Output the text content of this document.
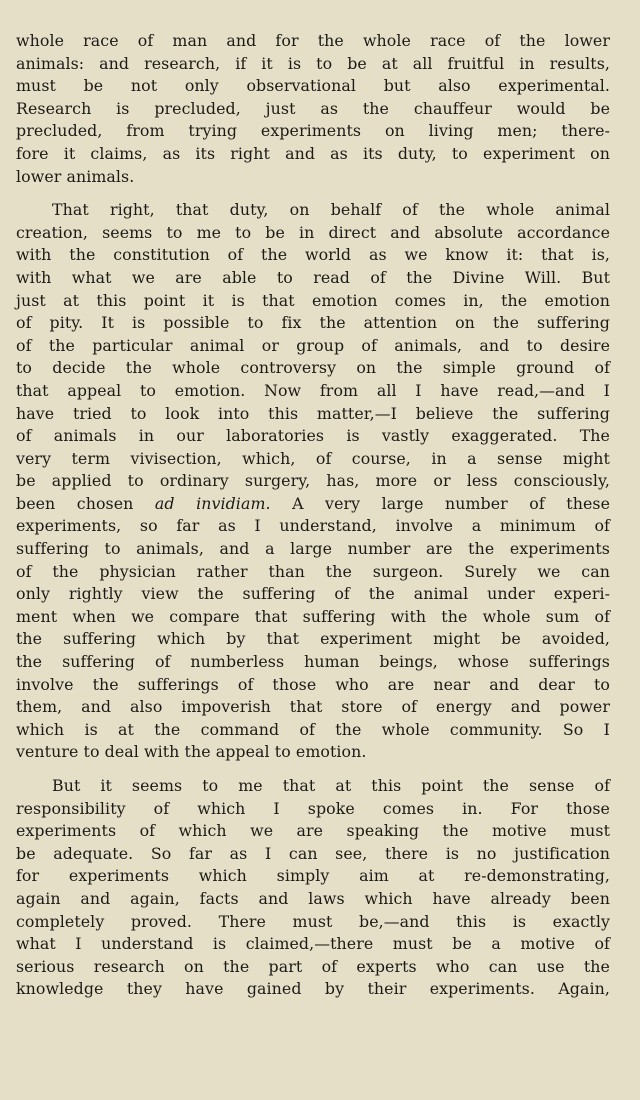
whole race of man and for the whole race of the lower
animals: and research, if it is to be at all fruitful in results,
must be not only observational but also experimental.
Research is precluded, just as the chauffeur would be
precluded, from trying experiments on living men; there-
fore it claims, as its right and as its duty, to experiment on
lower animals.
That right, that duty, on behalf of the whole animal
creation, seems to me to be in direct and absolute accordance
with the constitution of the world as we know it: that is,
with what we are able to read of the Divine Will. But
just at this point it is that emotion comes in, the emotion
of pity. It is possible to fix the attention on the suffering
of the particular animal or group of animals, and to desire
to decide the whole controversy on the simple ground of
that appeal to emotion. Now from all I have read,—and I
have tried to look into this matter,—I believe the suffering
of animals in our laboratories is vastly exaggerated. The
very term vivisection, which, of course, in a sense might
be applied to ordinary surgery, has, more or less consciously,
been chosen ad invidiam. A very large number of these
experiments, so far as I understand, involve a minimum of
suffering to animals, and a large number are the experiments
of the physician rather than the surgeon. Surely we can
only rightly view the suffering of the animal under experi-
ment when we compare that suffering with the whole sum of
the suffering which by that experiment might be avoided,
the suffering of numberless human beings, whose sufferings
involve the sufferings of those who are near and dear to
them, and also impoverish that store of energy and power
which is at the command of the whole community. So I
venture to deal with the appeal to emotion.
But it seems to me that at this point the sense of
responsibility of which I spoke comes in. For those
experiments of which we are speaking the motive must
be adequate. So far as I can see, there is no justification
for experiments which simply aim at re-demonstrating,
again and again, facts and laws which have already been
completely proved. There must be,—and this is exactly
what I understand is claimed,—there must be a motive of
serious research on the part of experts who can use the
knowledge they have gained by their experiments. Again,
